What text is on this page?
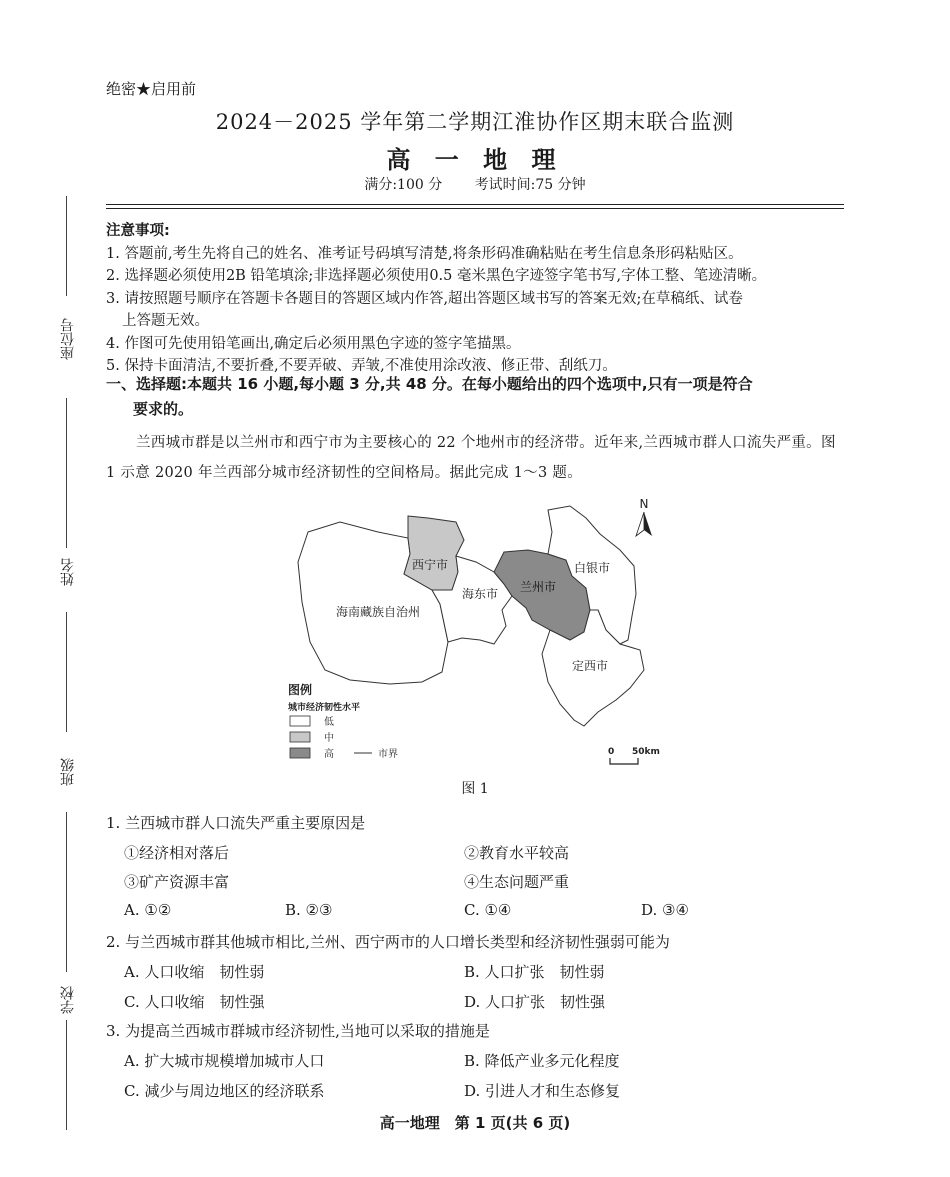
绝密★启用前
2024－2025 学年第二学期江淮协作区期末联合监测
高 一 地 理
满分:100 分 考试时间:75 分钟
座位号
姓名
班级
学校
注意事项:
1. 答题前,考生先将自己的姓名、准考证号码填写清楚,将条形码准确粘贴在考生信息条形码粘贴区。
2. 选择题必须使用2B 铅笔填涂;非选择题必须使用0.5 毫米黑色字迹签字笔书写,字体工整、笔迹清晰。
3. 请按照题号顺序在答题卡各题目的答题区域内作答,超出答题区域书写的答案无效;在草稿纸、试卷
上答题无效。
4. 作图可先使用铅笔画出,确定后必须用黑色字迹的签字笔描黑。
5. 保持卡面清洁,不要折叠,不要弄破、弄皱,不准使用涂改液、修正带、刮纸刀。
一、选择题:本题共 16 小题,每小题 3 分,共 48 分。在每小题给出的四个选项中,只有一项是符合
要求的。
兰西城市群是以兰州市和西宁市为主要核心的 22 个地州市的经济带。近年来,兰西城市群人口流失严重。图 1 示意 2020 年兰西部分城市经济韧性的空间格局。据此完成 1～3 题。
西宁市
海东市 兰州市
白银市
海南藏族自治州
定西市
N
图例
城市经济韧性水平
低
中
高	市界	0 50km
图 1
1. 兰西城市群人口流失严重主要原因是
①经济相对落后	②教育水平较高
③矿产资源丰富	④生态问题严重
A. ①②	B. ②③	C. ①④	D. ③④
2. 与兰西城市群其他城市相比,兰州、西宁两市的人口增长类型和经济韧性强弱可能为
A. 人口收缩　韧性弱	B. 人口扩张　韧性弱
C. 人口收缩　韧性强	D. 人口扩张　韧性强
3. 为提高兰西城市群城市经济韧性,当地可以采取的措施是
A. 扩大城市规模增加城市人口	B. 降低产业多元化程度
C. 减少与周边地区的经济联系	D. 引进人才和生态修复
高一地理　第 1 页(共 6 页)
